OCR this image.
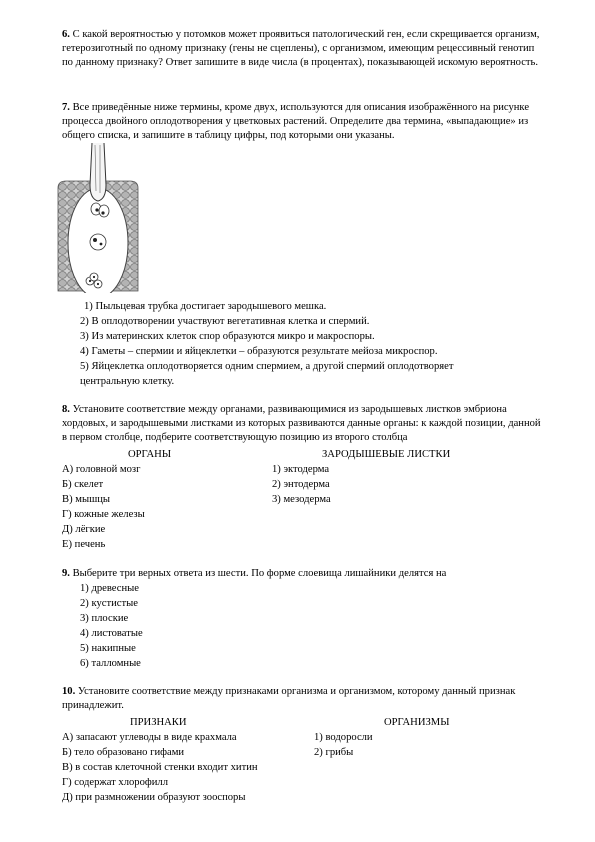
6. С какой вероятностью у потомков может проявиться патологический ген, если скрещивается организм, гетерозиготный по одному признаку (гены не сцеплены), с организмом, имеющим рецессивный генотип по данному признаку? Ответ запишите в виде числа (в процентах), показывающей искомую вероятность.
7. Все приведённые ниже термины, кроме двух, используются для описания изображённого на рисунке процесса двойного оплодотворения у цветковых растений. Определите два термина, «выпадающие» из общего списка, и запишите в таблицу цифры, под которыми они указаны.
1) Пыльцевая трубка достигает зародышевого мешка.
2) В оплодотворении участвуют вегетативная клетка и спермий.
3) Из материнских клеток спор образуются микро и макроспоры.
4) Гаметы – спермии и яйцеклетки – образуются результате мейоза микроспор.
5) Яйцеклетка оплодотворяется одним спермием, а другой спермий оплодотворяет
центральную клетку.
8. Установите соответствие между органами, развивающимися из зародышевых листков эмбриона хордовых, и зародышевыми листками из которых развиваются данные органы: к каждой позиции, данной в первом столбце, подберите соответствующую позицию из второго столбца
ОРГАНЫ	ЗАРОДЫШЕВЫЕ ЛИСТКИ
А) головной мозг
Б) скелет
В) мышцы
Г) кожные железы
Д) лёгкие
Е) печень
1) эктодерма
2) энтодерма
3) мезодерма
9. Выберите три верных ответа из шести. По форме слоевища лишайники делятся на
1) древесные
2) кустистые
3) плоские
4) листоватые
5) накипные
6) талломные
10. Установите соответствие между признаками организма и организмом, которому данный признак принадлежит.
ПРИЗНАКИ	ОРГАНИЗМЫ
А) запасают углеводы в виде крахмала
Б) тело образовано гифами
В) в состав клеточной стенки входит хитин
Г) содержат хлорофилл
Д) при размножении образуют зоoспоры
1) водоросли
2) грибы
